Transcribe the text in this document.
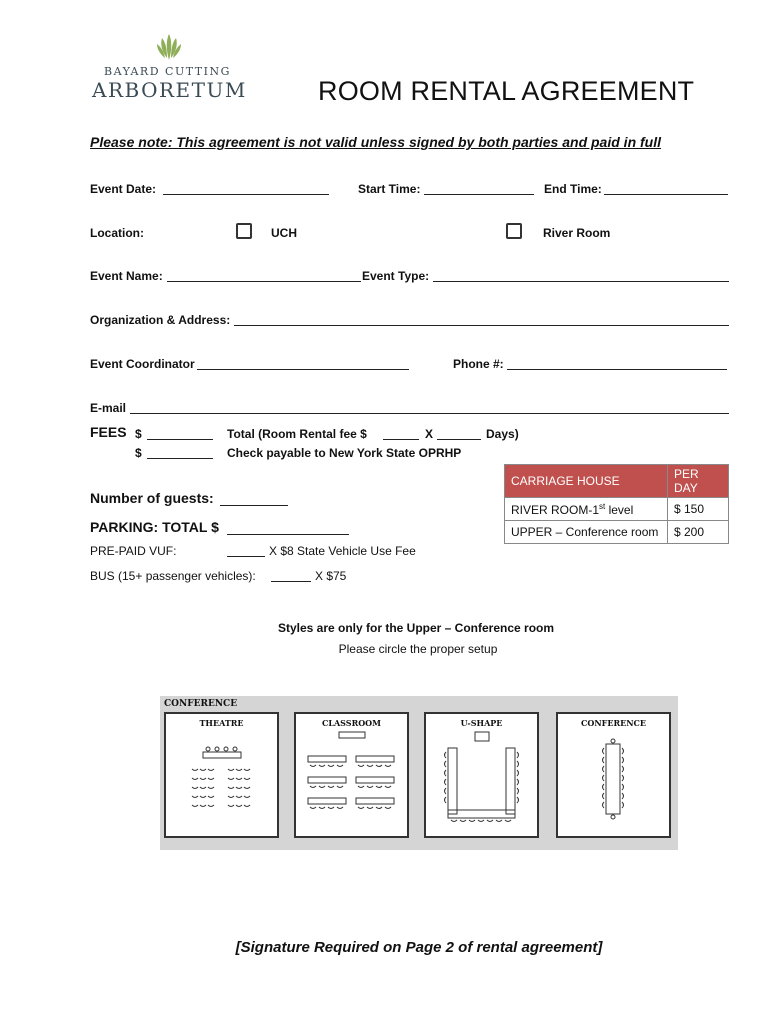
BAYARD CUTTING
ARBORETUM	ROOM RENTAL AGREEMENT
Please note: This agreement is not valid unless signed by both parties and paid in full
Event Date:	Start Time:	End Time:
Location:	UCH	River Room
Event Name:	Event Type:
Organization & Address:
Event Coordinator	Phone #:
E-mail
FEES $	Total (Room Rental fee $	X	Days)
$	Check payable to New York State OPRHP
CARRIAGE HOUSE	PER DAY
RIVER ROOM-1st level	$ 150
UPPER – Conference room	$ 200
Number of guests:
PARKING: TOTAL $
PRE-PAID VUF:	X $8 State Vehicle Use Fee
BUS (15+ passenger vehicles):	X $75
Styles are only for the Upper – Conference room
Please circle the proper setup
CONFERENCE
THEATRE	CLASSROOM	U-SHAPE	CONFERENCE
[Signature Required on Page 2 of rental agreement]
